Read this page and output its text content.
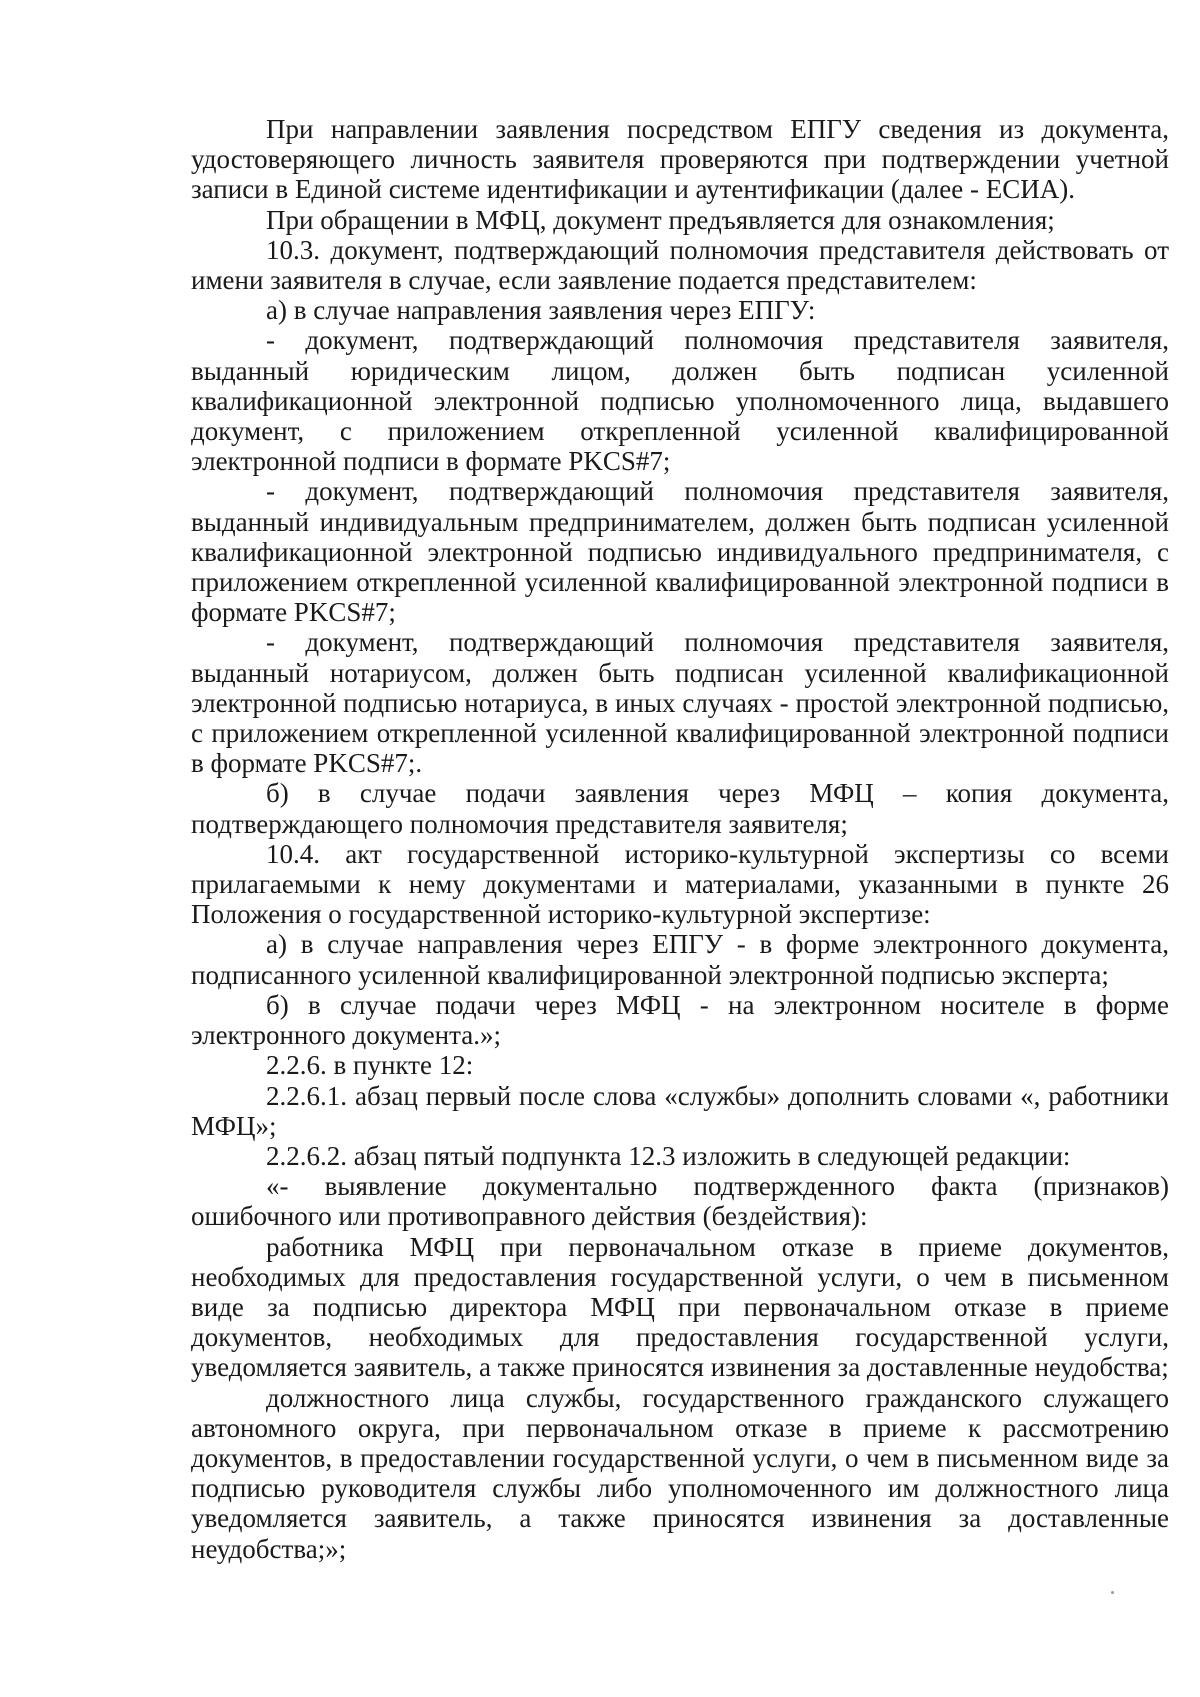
При направлении заявления посредством ЕПГУ сведения из документа, удостоверяющего личность заявителя проверяются при подтверждении учетной записи в Единой системе идентификации и аутентификации (далее - ЕСИА).

При обращении в МФЦ, документ предъявляется для ознакомления;

10.3. документ, подтверждающий полномочия представителя действовать от имени заявителя в случае, если заявление подается представителем:

а) в случае направления заявления через ЕПГУ:

- документ, подтверждающий полномочия представителя заявителя, выданный юридическим лицом, должен быть подписан усиленной квалификационной электронной подписью уполномоченного лица, выдавшего документ, с приложением открепленной усиленной квалифицированной электронной подписи в формате PKCS#7;

- документ, подтверждающий полномочия представителя заявителя, выданный индивидуальным предпринимателем, должен быть подписан усиленной квалификационной электронной подписью индивидуального предпринимателя, с приложением открепленной усиленной квалифицированной электронной подписи в формате PKCS#7;

- документ, подтверждающий полномочия представителя заявителя, выданный нотариусом, должен быть подписан усиленной квалификационной электронной подписью нотариуса, в иных случаях - простой электронной подписью, с приложением открепленной усиленной квалифицированной электронной подписи в формате PKCS#7;.

б) в случае подачи заявления через МФЦ – копия документа, подтверждающего полномочия представителя заявителя;

10.4. акт государственной историко-культурной экспертизы со всеми прилагаемыми к нему документами и материалами, указанными в пункте 26 Положения о государственной историко-культурной экспертизе:

а) в случае направления через ЕПГУ - в форме электронного документа, подписанного усиленной квалифицированной электронной подписью эксперта;

б) в случае подачи через МФЦ - на электронном носителе в форме электронного документа.»;

2.2.6. в пункте 12:

2.2.6.1. абзац первый после слова «службы» дополнить словами «, работники МФЦ»;

2.2.6.2. абзац пятый подпункта 12.3 изложить в следующей редакции:

«- выявление документально подтвержденного факта (признаков) ошибочного или противоправного действия (бездействия):

работника МФЦ при первоначальном отказе в приеме документов, необходимых для предоставления государственной услуги, о чем в письменном виде за подписью директора МФЦ при первоначальном отказе в приеме документов, необходимых для предоставления государственной услуги, уведомляется заявитель, а также приносятся извинения за доставленные неудобства;

должностного лица службы, государственного гражданского служащего автономного округа, при первоначальном отказе в приеме к рассмотрению документов, в предоставлении государственной услуги, о чем в письменном виде за подписью руководителя службы либо уполномоченного им должностного лица уведомляется заявитель, а также приносятся извинения за доставленные неудобства;»;
